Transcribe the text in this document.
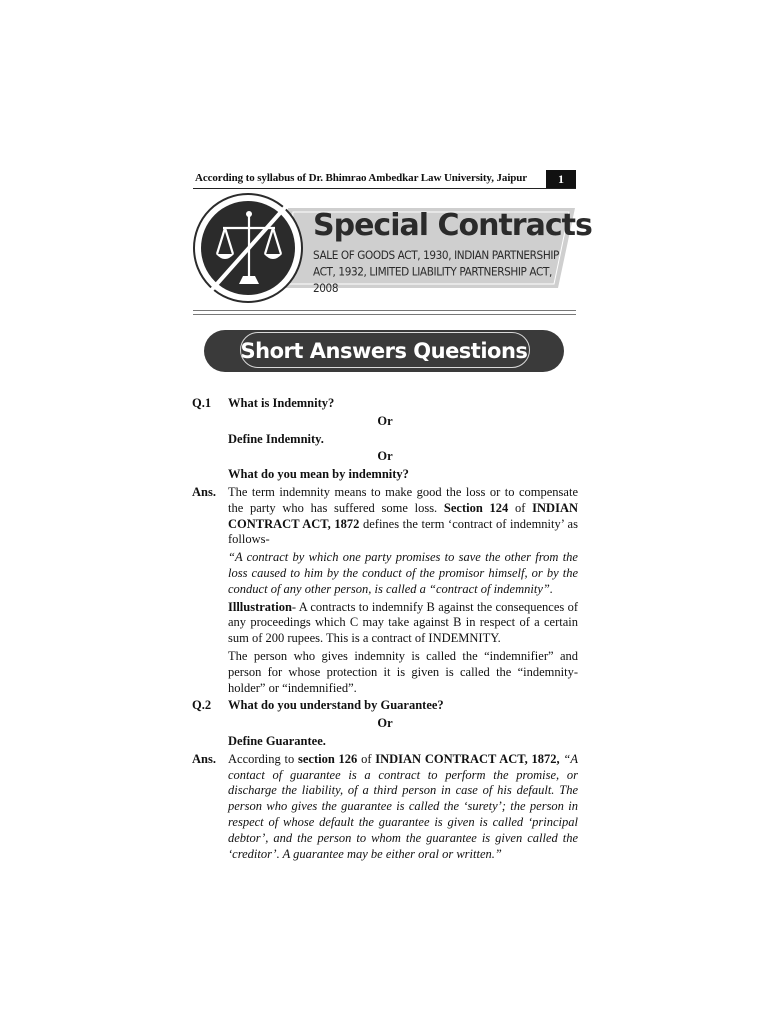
According to syllabus of Dr. Bhimrao Ambedkar Law University, Jaipur	1
Special Contracts
SALE OF GOODS ACT, 1930, INDIAN PARTNERSHIP
ACT, 1932, LIMITED LIABILITY PARTNERSHIP ACT, 2008
Short Answers Questions
Q.1 What is Indemnity?
Or
Define Indemnity.
Or
What do you mean by indemnity?
Ans. The term indemnity means to make good the loss or to compensate the party who has suffered some loss. Section 124 of INDIAN CONTRACT ACT, 1872 defines the term ‘contract of indemnity’ as follows-
“A contract by which one party promises to save the other from the loss caused to him by the conduct of the promisor himself, or by the conduct of any other person, is called a “contract of indemnity”.
Illlustration- A contracts to indemnify B against the consequences of any proceedings which C may take against B in respect of a certain sum of 200 rupees. This is a contract of INDEMNITY.
The person who gives indemnity is called the “indemnifier” and person for whose protection it is given is called the “indemnity-holder” or “indemnified”.
Q.2 What do you understand by Guarantee?
Or
Define Guarantee.
Ans. According to section 126 of INDIAN CONTRACT ACT, 1872, “A contact of guarantee is a contract to perform the promise, or discharge the liability, of a third person in case of his default. The person who gives the guarantee is called the ‘surety’; the person in respect of whose default the guarantee is given is called ‘principal debtor’, and the person to whom the guarantee is given called the ‘creditor’. A guarantee may be either oral or written.”
